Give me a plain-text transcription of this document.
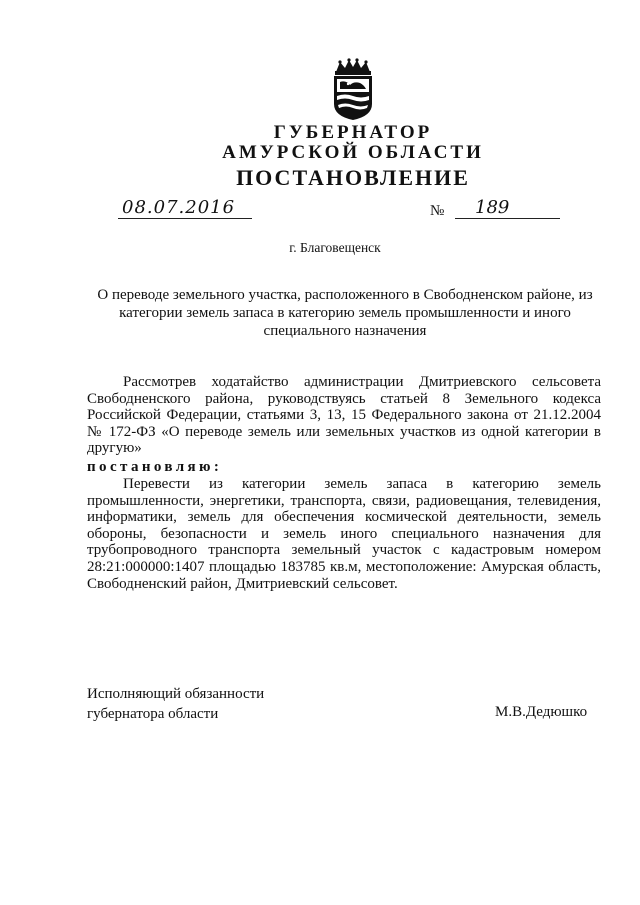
ГУБЕРНАТОР
АМУРСКОЙ ОБЛАСТИ
ПОСТАНОВЛЕНИЕ
08.07.2016	№	189
г. Благовещенск
О переводе земельного участка, расположенного в Свободненском районе, из категории земель запаса в категорию земель промышленности и иного специального назначения
Рассмотрев ходатайство администрации Дмитриевского сельсовета Свободненского района, руководствуясь статьей 8 Земельного кодекса Российской Федерации, статьями 3, 13, 15 Федерального закона от 21.12.2004 № 172-ФЗ «О переводе земель или земельных участков из одной категории в другую»
постановляю:
Перевести из категории земель запаса в категорию земель промышленности, энергетики, транспорта, связи, радиовещания, телевидения, информатики, земель для обеспечения космической деятельности, земель обороны, безопасности и земель иного специального назначения для трубопроводного транспорта земельный участок с кадастровым номером 28:21:000000:1407 площадью 183785 кв.м, местоположение: Амурская область, Свободненский район, Дмитриевский сельсовет.
Исполняющий обязанности
губернатора области	М.В.Дедюшко
